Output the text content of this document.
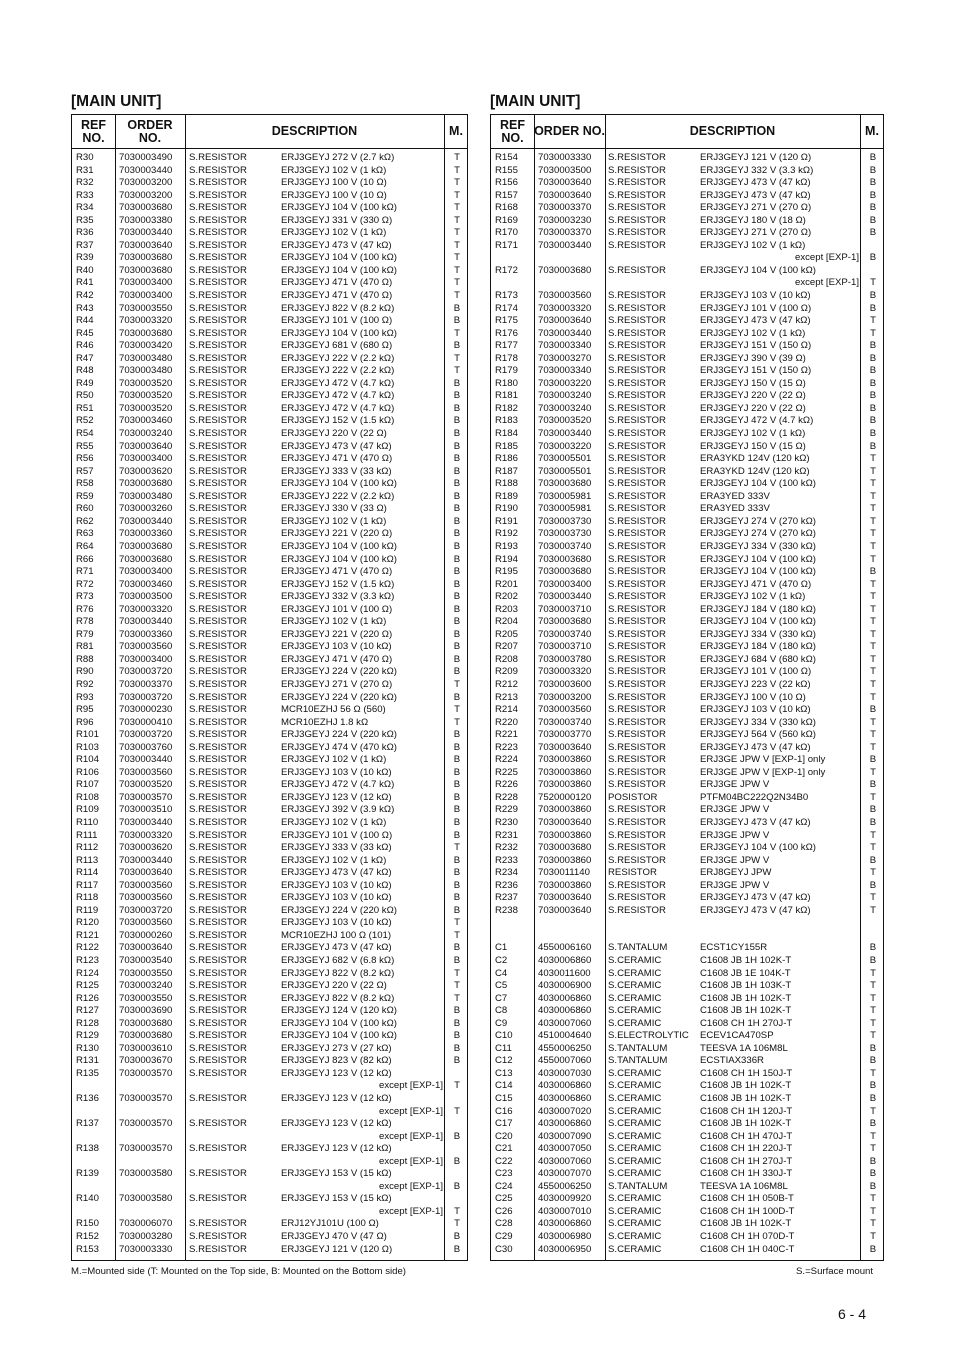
[MAIN UNIT]
REF NO.
ORDER NO.	DESCRIPTION	M.
R30	7030003490 S.RESISTOR	ERJ3GEYJ 272 V (2.7 kΩ)	T
R31	7030003440 S.RESISTOR	ERJ3GEYJ 102 V (1 kΩ)	T
R32	7030003200 S.RESISTOR	ERJ3GEYJ 100 V (10 Ω)	T
R33	7030003200 S.RESISTOR	ERJ3GEYJ 100 V (10 Ω)	T
R34	7030003680 S.RESISTOR	ERJ3GEYJ 104 V (100 kΩ)	T
R35	7030003380 S.RESISTOR	ERJ3GEYJ 331 V (330 Ω)	T
R36	7030003440 S.RESISTOR	ERJ3GEYJ 102 V (1 kΩ)	T
R37	7030003640 S.RESISTOR	ERJ3GEYJ 473 V (47 kΩ)	T
R39	7030003680 S.RESISTOR	ERJ3GEYJ 104 V (100 kΩ)	T
R40	7030003680 S.RESISTOR	ERJ3GEYJ 104 V (100 kΩ)	T
R41	7030003400 S.RESISTOR	ERJ3GEYJ 471 V (470 Ω)	T
R42	7030003400 S.RESISTOR	ERJ3GEYJ 471 V (470 Ω)	T
R43	7030003550 S.RESISTOR	ERJ3GEYJ 822 V (8.2 kΩ)	B
R44	7030003320 S.RESISTOR	ERJ3GEYJ 101 V (100 Ω)	B
R45	7030003680 S.RESISTOR	ERJ3GEYJ 104 V (100 kΩ)	T
R46	7030003420 S.RESISTOR	ERJ3GEYJ 681 V (680 Ω)	B
R47	7030003480 S.RESISTOR	ERJ3GEYJ 222 V (2.2 kΩ)	T
R48	7030003480 S.RESISTOR	ERJ3GEYJ 222 V (2.2 kΩ)	T
R49	7030003520 S.RESISTOR	ERJ3GEYJ 472 V (4.7 kΩ)	B
R50	7030003520 S.RESISTOR	ERJ3GEYJ 472 V (4.7 kΩ)	B
R51	7030003520 S.RESISTOR	ERJ3GEYJ 472 V (4.7 kΩ)	B
R52	7030003460 S.RESISTOR	ERJ3GEYJ 152 V (1.5 kΩ)	B
R54	7030003240 S.RESISTOR	ERJ3GEYJ 220 V (22 Ω)	B
R55	7030003640 S.RESISTOR	ERJ3GEYJ 473 V (47 kΩ)	B
R56	7030003400 S.RESISTOR	ERJ3GEYJ 471 V (470 Ω)	B
R57	7030003620 S.RESISTOR	ERJ3GEYJ 333 V (33 kΩ)	B
R58	7030003680 S.RESISTOR	ERJ3GEYJ 104 V (100 kΩ)	B
R59	7030003480 S.RESISTOR	ERJ3GEYJ 222 V (2.2 kΩ)	B
R60	7030003260 S.RESISTOR	ERJ3GEYJ 330 V (33 Ω)	B
R62	7030003440 S.RESISTOR	ERJ3GEYJ 102 V (1 kΩ)	B
R63	7030003360 S.RESISTOR	ERJ3GEYJ 221 V (220 Ω)	B
R64	7030003680 S.RESISTOR	ERJ3GEYJ 104 V (100 kΩ)	B
R66	7030003680 S.RESISTOR	ERJ3GEYJ 104 V (100 kΩ)	B
R71	7030003400 S.RESISTOR	ERJ3GEYJ 471 V (470 Ω)	B
R72	7030003460 S.RESISTOR	ERJ3GEYJ 152 V (1.5 kΩ)	B
R73	7030003500 S.RESISTOR	ERJ3GEYJ 332 V (3.3 kΩ)	B
R76	7030003320 S.RESISTOR	ERJ3GEYJ 101 V (100 Ω)	B
R78	7030003440 S.RESISTOR	ERJ3GEYJ 102 V (1 kΩ)	B
R79	7030003360 S.RESISTOR	ERJ3GEYJ 221 V (220 Ω)	B
R81	7030003560 S.RESISTOR	ERJ3GEYJ 103 V (10 kΩ)	B
R88	7030003400 S.RESISTOR	ERJ3GEYJ 471 V (470 Ω)	B
R90	7030003720 S.RESISTOR	ERJ3GEYJ 224 V (220 kΩ)	B
R92	7030003370 S.RESISTOR	ERJ3GEYJ 271 V (270 Ω)	T
R93	7030003720 S.RESISTOR	ERJ3GEYJ 224 V (220 kΩ)	B
R95	7030000230 S.RESISTOR	MCR10EZHJ 56 Ω (560)	T
R96	7030000410 S.RESISTOR	MCR10EZHJ 1.8 kΩ	T
R101 7030003720 S.RESISTOR	ERJ3GEYJ 224 V (220 kΩ)	B
R103 7030003760 S.RESISTOR	ERJ3GEYJ 474 V (470 kΩ)	B
R104 7030003440 S.RESISTOR	ERJ3GEYJ 102 V (1 kΩ)	B
R106 7030003560 S.RESISTOR	ERJ3GEYJ 103 V (10 kΩ)	B
R107 7030003520 S.RESISTOR	ERJ3GEYJ 472 V (4.7 kΩ)	B
R108 7030003570 S.RESISTOR	ERJ3GEYJ 123 V (12 kΩ)	B
R109 7030003510 S.RESISTOR	ERJ3GEYJ 392 V (3.9 kΩ)	B
R110 7030003440 S.RESISTOR	ERJ3GEYJ 102 V (1 kΩ)	B
R111 7030003320 S.RESISTOR	ERJ3GEYJ 101 V (100 Ω)	B
R112 7030003620 S.RESISTOR	ERJ3GEYJ 333 V (33 kΩ)	T
R113 7030003440 S.RESISTOR	ERJ3GEYJ 102 V (1 kΩ)	B
R114 7030003640 S.RESISTOR	ERJ3GEYJ 473 V (47 kΩ)	B
R117 7030003560 S.RESISTOR	ERJ3GEYJ 103 V (10 kΩ)	B
R118 7030003560 S.RESISTOR	ERJ3GEYJ 103 V (10 kΩ)	B
R119 7030003720 S.RESISTOR	ERJ3GEYJ 224 V (220 kΩ)	B
R120 7030003560 S.RESISTOR	ERJ3GEYJ 103 V (10 kΩ)	T
R121 7030000260 S.RESISTOR	MCR10EZHJ 100 Ω (101)	T
R122 7030003640 S.RESISTOR	ERJ3GEYJ 473 V (47 kΩ)	B
R123 7030003540 S.RESISTOR	ERJ3GEYJ 682 V (6.8 kΩ)	B
R124 7030003550 S.RESISTOR	ERJ3GEYJ 822 V (8.2 kΩ)	T
R125 7030003240 S.RESISTOR	ERJ3GEYJ 220 V (22 Ω)	T
R126 7030003550 S.RESISTOR	ERJ3GEYJ 822 V (8.2 kΩ)	T
R127 7030003690 S.RESISTOR	ERJ3GEYJ 124 V (120 kΩ)	B
R128 7030003680 S.RESISTOR	ERJ3GEYJ 104 V (100 kΩ)	B
R129 7030003680 S.RESISTOR	ERJ3GEYJ 104 V (100 kΩ)	B
R130 7030003610 S.RESISTOR	ERJ3GEYJ 273 V (27 kΩ)	B
R131 7030003670 S.RESISTOR	ERJ3GEYJ 823 V (82 kΩ)	B
R135 7030003570 S.RESISTOR	ERJ3GEYJ 123 V (12 kΩ)
except [EXP-1] T
R136 7030003570 S.RESISTOR	ERJ3GEYJ 123 V (12 kΩ)
except [EXP-1] T
R137 7030003570 S.RESISTOR	ERJ3GEYJ 123 V (12 kΩ)
except [EXP-1] B
R138 7030003570 S.RESISTOR	ERJ3GEYJ 123 V (12 kΩ)
except [EXP-1] B
R139 7030003580 S.RESISTOR	ERJ3GEYJ 153 V (15 kΩ)
except [EXP-1] B
R140 7030003580 S.RESISTOR	ERJ3GEYJ 153 V (15 kΩ)
except [EXP-1] T
R150 7030006070 S.RESISTOR	ERJ12YJ101U (100 Ω)	T
R152 7030003280 S.RESISTOR	ERJ3GEYJ 470 V (47 Ω)	B
R153 7030003330 S.RESISTOR	ERJ3GEYJ 121 V (120 Ω)	B
[MAIN UNIT]
REF NO. ORDER NO.	DESCRIPTION	M.
R154 7030003330 S.RESISTOR	ERJ3GEYJ 121 V (120 Ω)	B
R155 7030003500 S.RESISTOR	ERJ3GEYJ 332 V (3.3 kΩ)	B
R156 7030003640 S.RESISTOR	ERJ3GEYJ 473 V (47 kΩ)	B
R157 7030003640 S.RESISTOR	ERJ3GEYJ 473 V (47 kΩ)	B
R168 7030003370 S.RESISTOR	ERJ3GEYJ 271 V (270 Ω)	B
R169 7030003230 S.RESISTOR	ERJ3GEYJ 180 V (18 Ω)	B
R170 7030003370 S.RESISTOR	ERJ3GEYJ 271 V (270 Ω)	B
R171 7030003440 S.RESISTOR	ERJ3GEYJ 102 V (1 kΩ)
except [EXP-1] B
R172 7030003680 S.RESISTOR	ERJ3GEYJ 104 V (100 kΩ)
except [EXP-1] T
R173 7030003560 S.RESISTOR	ERJ3GEYJ 103 V (10 kΩ)	B
R174 7030003320 S.RESISTOR	ERJ3GEYJ 101 V (100 Ω)	B
R175 7030003640 S.RESISTOR	ERJ3GEYJ 473 V (47 kΩ)	T
R176 7030003440 S.RESISTOR	ERJ3GEYJ 102 V (1 kΩ)	T
R177 7030003340 S.RESISTOR	ERJ3GEYJ 151 V (150 Ω)	B
R178 7030003270 S.RESISTOR	ERJ3GEYJ 390 V (39 Ω)	B
R179 7030003340 S.RESISTOR	ERJ3GEYJ 151 V (150 Ω)	B
R180 7030003220 S.RESISTOR	ERJ3GEYJ 150 V (15 Ω)	B
R181 7030003240 S.RESISTOR	ERJ3GEYJ 220 V (22 Ω)	B
R182 7030003240 S.RESISTOR	ERJ3GEYJ 220 V (22 Ω)	B
R183 7030003520 S.RESISTOR	ERJ3GEYJ 472 V (4.7 kΩ)	B
R184 7030003440 S.RESISTOR	ERJ3GEYJ 102 V (1 kΩ)	B
R185 7030003220 S.RESISTOR	ERJ3GEYJ 150 V (15 Ω)	B
R186 7030005501 S.RESISTOR	ERA3YKD 124V (120 kΩ)	T
R187 7030005501 S.RESISTOR	ERA3YKD 124V (120 kΩ)	T
R188 7030003680 S.RESISTOR	ERJ3GEYJ 104 V (100 kΩ)	T
R189 7030005981 S.RESISTOR	ERA3YED 333V	T
R190 7030005981 S.RESISTOR	ERA3YED 333V	T
R191 7030003730 S.RESISTOR	ERJ3GEYJ 274 V (270 kΩ)	T
R192 7030003730 S.RESISTOR	ERJ3GEYJ 274 V (270 kΩ)	T
R193 7030003740 S.RESISTOR	ERJ3GEYJ 334 V (330 kΩ)	T
R194 7030003680 S.RESISTOR	ERJ3GEYJ 104 V (100 kΩ)	T
R195 7030003680 S.RESISTOR	ERJ3GEYJ 104 V (100 kΩ)	B
R201 7030003400 S.RESISTOR	ERJ3GEYJ 471 V (470 Ω)	T
R202 7030003440 S.RESISTOR	ERJ3GEYJ 102 V (1 kΩ)	T
R203 7030003710 S.RESISTOR	ERJ3GEYJ 184 V (180 kΩ)	T
R204 7030003680 S.RESISTOR	ERJ3GEYJ 104 V (100 kΩ)	T
R205 7030003740 S.RESISTOR	ERJ3GEYJ 334 V (330 kΩ)	T
R207 7030003710 S.RESISTOR	ERJ3GEYJ 184 V (180 kΩ)	T
R208 7030003780 S.RESISTOR	ERJ3GEYJ 684 V (680 kΩ)	T
R209 7030003320 S.RESISTOR	ERJ3GEYJ 101 V (100 Ω)	T
R212 7030003600 S.RESISTOR	ERJ3GEYJ 223 V (22 kΩ)	T
R213 7030003200 S.RESISTOR	ERJ3GEYJ 100 V (10 Ω)	T
R214 7030003560 S.RESISTOR	ERJ3GEYJ 103 V (10 kΩ)	B
R220 7030003740 S.RESISTOR	ERJ3GEYJ 334 V (330 kΩ)	T
R221 7030003770 S.RESISTOR	ERJ3GEYJ 564 V (560 kΩ)	T
R223 7030003640 S.RESISTOR	ERJ3GEYJ 473 V (47 kΩ)	T
R224 7030003860 S.RESISTOR	ERJ3GE JPW V [EXP-1] only	B
R225 7030003860 S.RESISTOR	ERJ3GE JPW V [EXP-1] only	T
R226 7030003860 S.RESISTOR	ERJ3GE JPW V	B
R228 7520000120 POSISTOR	PTFM04BC222Q2N34B0	T
R229 7030003860 S.RESISTOR	ERJ3GE JPW V	B
R230 7030003640 S.RESISTOR	ERJ3GEYJ 473 V (47 kΩ)	B
R231 7030003860 S.RESISTOR	ERJ3GE JPW V	T
R232 7030003680 S.RESISTOR	ERJ3GEYJ 104 V (100 kΩ)	T
R233 7030003860 S.RESISTOR	ERJ3GE JPW V	B
R234 7030011140 RESISTOR	ERJ8GEYJ JPW	T
R236 7030003860 S.RESISTOR	ERJ3GE JPW V	B
R237 7030003640 S.RESISTOR	ERJ3GEYJ 473 V (47 kΩ)	T
R238 7030003640 S.RESISTOR	ERJ3GEYJ 473 V (47 kΩ)	T
C1	4550006160 S.TANTALUM	ECST1CY155R	B
C2	4030006860 S.CERAMIC	C1608 JB 1H 102K-T	B
C4	4030011600 S.CERAMIC	C1608 JB 1E 104K-T	T
C5	4030006900 S.CERAMIC	C1608 JB 1H 103K-T	T
C7	4030006860 S.CERAMIC	C1608 JB 1H 102K-T	T
C8	4030006860 S.CERAMIC	C1608 JB 1H 102K-T	T
C9	4030007060 S.CERAMIC	C1608 CH 1H 270J-T	T
C10	4510004640 S.ELECTROLYTIC ECEV1CA470SP	T
C11	4550006250 S.TANTALUM	TEESVA 1A 106M8L	B
C12	4550007060 S.TANTALUM	ECSTIAX336R	B
C13	4030007030 S.CERAMIC	C1608 CH 1H 150J-T	T
C14	4030006860 S.CERAMIC	C1608 JB 1H 102K-T	B
C15	4030006860 S.CERAMIC	C1608 JB 1H 102K-T	B
C16	4030007020 S.CERAMIC	C1608 CH 1H 120J-T	T
C17	4030006860 S.CERAMIC	C1608 JB 1H 102K-T	B
C20	4030007090 S.CERAMIC	C1608 CH 1H 470J-T	T
C21	4030007050 S.CERAMIC	C1608 CH 1H 220J-T	T
C22	4030007060 S.CERAMIC	C1608 CH 1H 270J-T	B
C23	4030007070 S.CERAMIC	C1608 CH 1H 330J-T	B
C24	4550006250 S.TANTALUM	TEESVA 1A 106M8L	B
C25	4030009920 S.CERAMIC	C1608 CH 1H 050B-T	T
C26	4030007010 S.CERAMIC	C1608 CH 1H 100D-T	T
C28	4030006860 S.CERAMIC	C1608 JB 1H 102K-T	T
C29	4030006980 S.CERAMIC	C1608 CH 1H 070D-T	T
C30	4030006950 S.CERAMIC	C1608 CH 1H 040C-T	B
M.=Mounted side (T: Mounted on the Top side, B: Mounted on the Bottom side)	S.=Surface mount
6 - 4
